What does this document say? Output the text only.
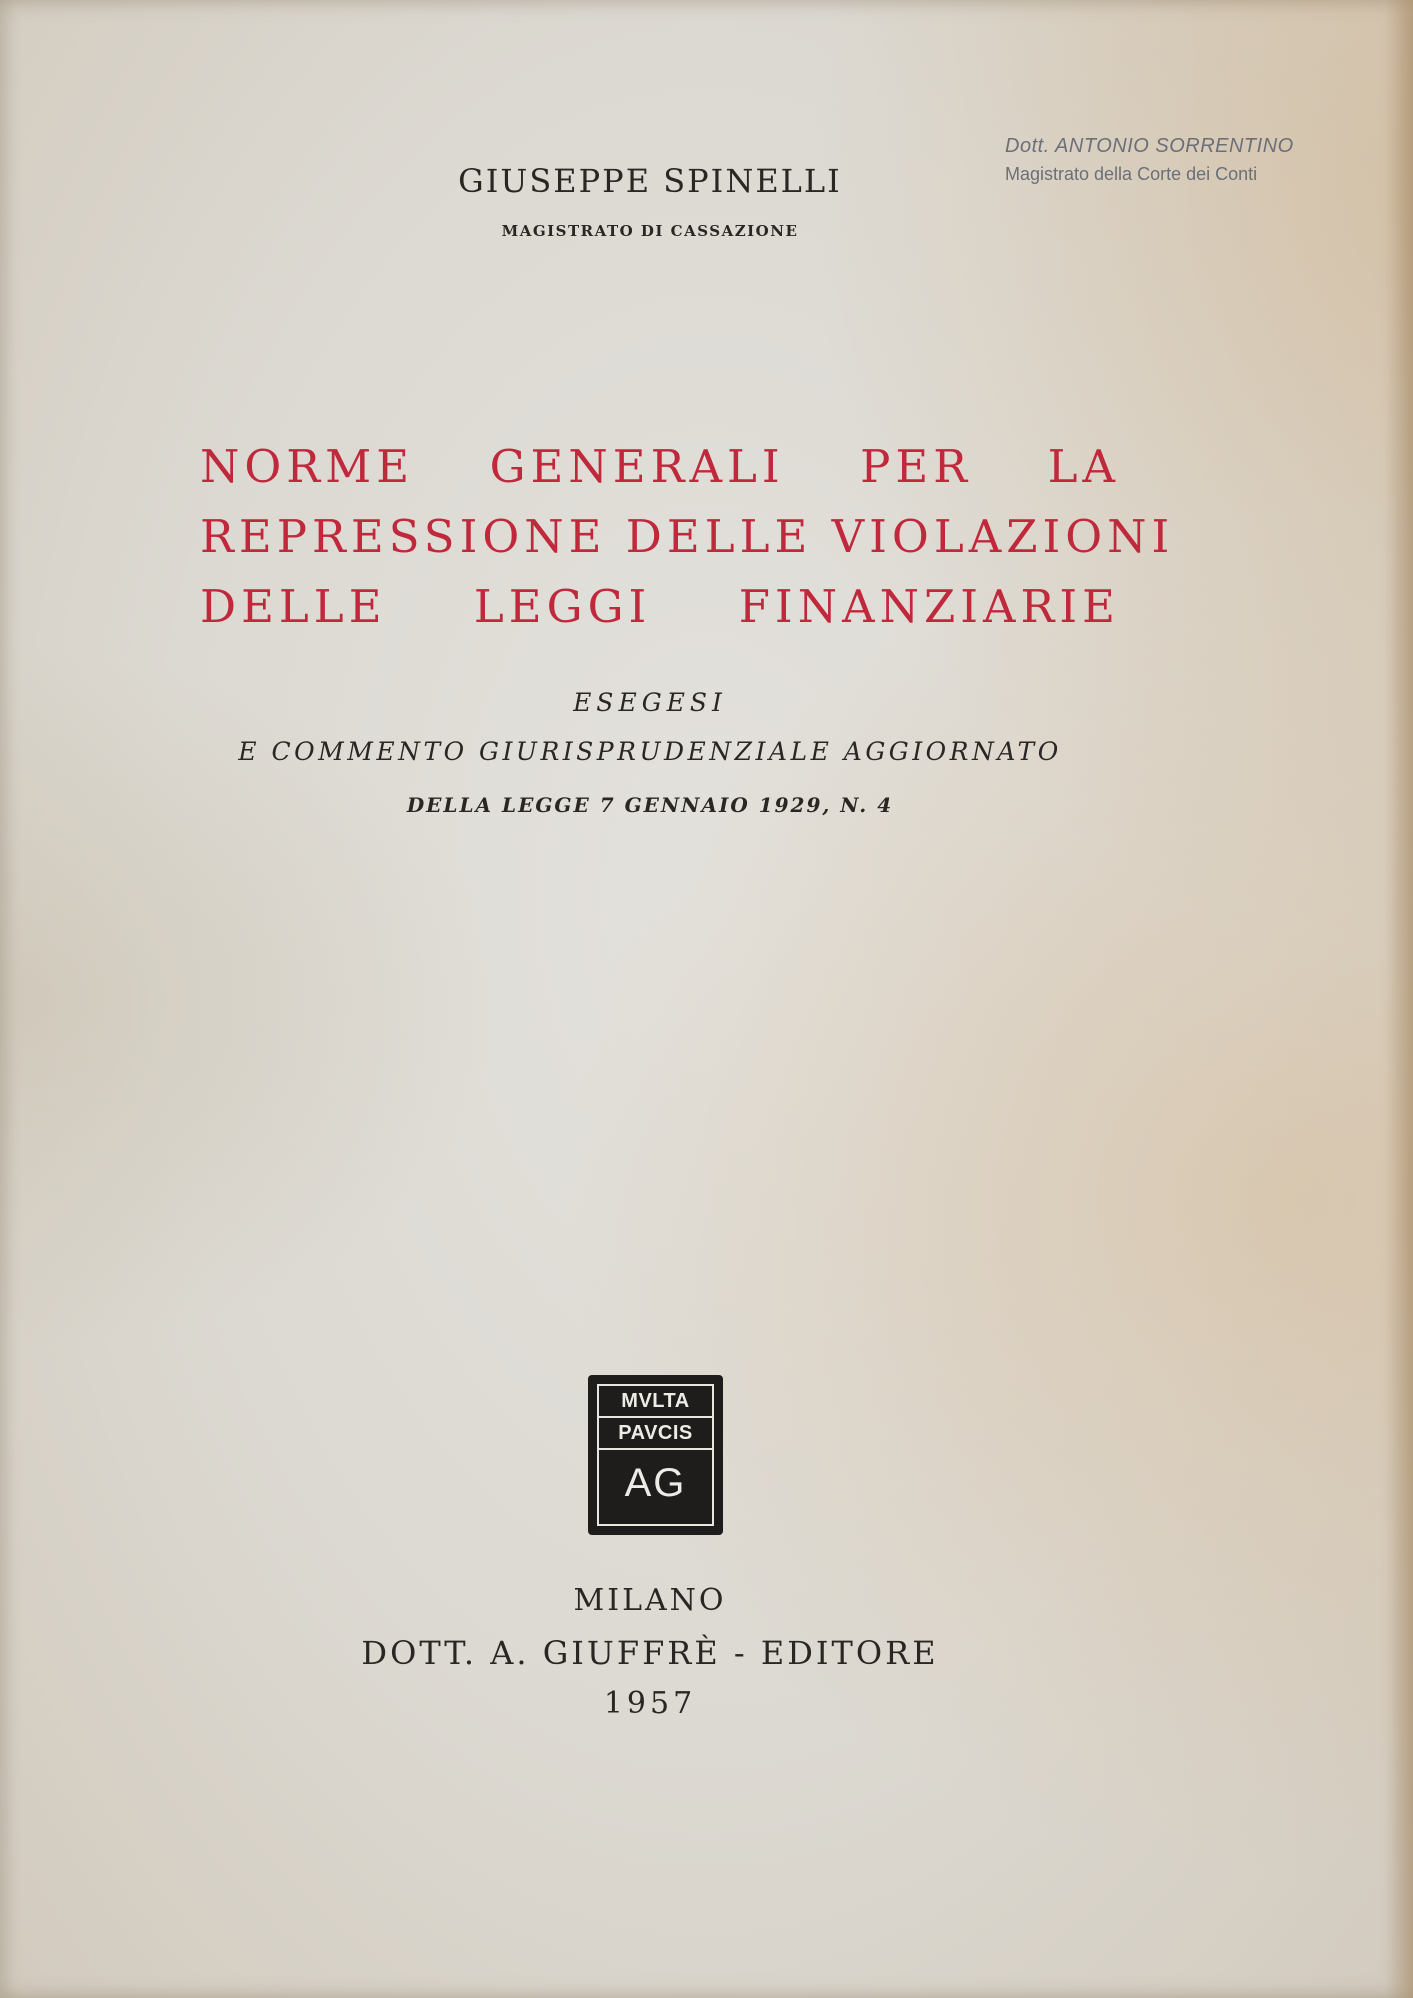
Dott. ANTONIO SORRENTINO
Magistrato della Corte dei Conti
GIUSEPPE SPINELLI
MAGISTRATO DI CASSAZIONE
NORME GENERALI PER LA
REPRESSIONE DELLE VIOLAZIONI
DELLE LEGGI FINANZIARIE
ESEGESI
E COMMENTO GIURISPRUDENZIALE AGGIORNATO
DELLA LEGGE 7 GENNAIO 1929, N. 4
MVLTA
PAVCIS
AG
MILANO
DOTT. A. GIUFFRÈ - EDITORE
1957
